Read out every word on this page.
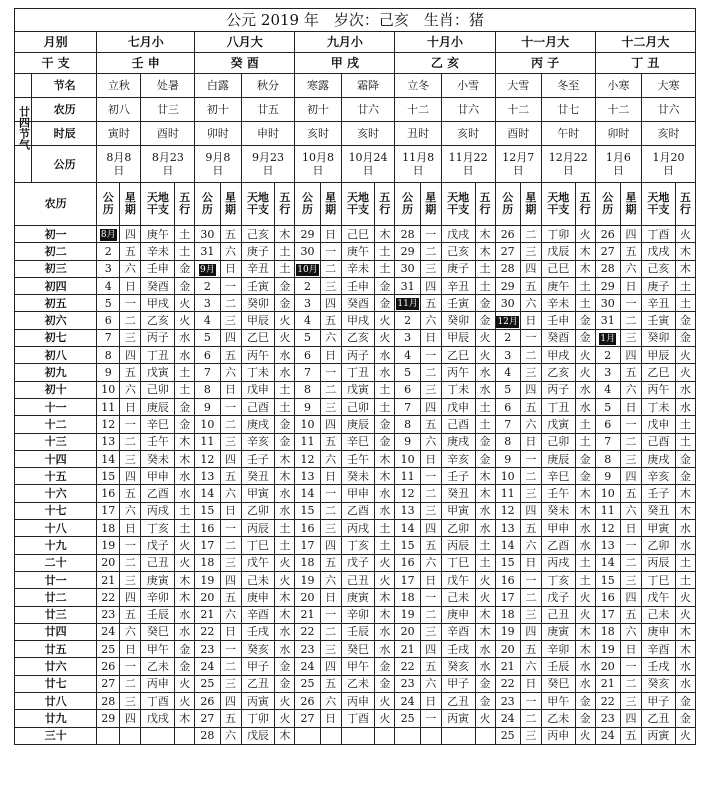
公元 2019 年　岁次：己亥　生肖：猪
月别	七月小				八月大				九月小				十月小				十一月大				十二月大			
干 支	壬 申				癸 酉				甲 戌				乙 亥				丙 子				丁 丑			
节名	立秋		处暑		白露		秋分		寒露		霜降		立冬		小雪		大雪		冬至		小寒		大寒	
农历	初八		廿三		初十		廿五		初十		廿六		十二		廿六		十二		廿七		十二		廿六	
时辰	寅时		酉时		卯时		申时		亥时		亥时		丑时		亥时		酉时		午时		卯时		亥时	
公历	8月8日		8月23日		9月8日		9月23日		10月8日		10月24日		11月8日		11月22日		12月7日		12月22日		1月6日		1月20日	
农历	公历	星期	天地干支	五行	公历	星期	天地干支	五行	公历	星期	天地干支	五行	公历	星期	天地干支	五行	公历	星期	天地干支	五行	公历	星期	天地干支	五行
初一	8月	四	庚午	土	30	五	己亥	木	29	日	己巳	木	28	一	戊戌	木	26	二	丁卯	火	26	四	丁酉	火
初二	2	五	辛未	土	31	六	庚子	土	30	一	庚午	土	29	二	己亥	木	27	三	戊辰	木	27	五	戊戌	木
初三	3	六	壬申	金	9月	日	辛丑	土	10月	二	辛未	土	30	三	庚子	土	28	四	己巳	木	28	六	己亥	木
初四	4	日	癸酉	金	2	一	壬寅	金	2	三	壬申	金	31	四	辛丑	土	29	五	庚午	土	29	日	庚子	土
初五	5	一	甲戌	火	3	二	癸卯	金	3	四	癸酉	金	11月	五	壬寅	金	30	六	辛未	土	30	一	辛丑	土
初六	6	二	乙亥	火	4	三	甲辰	火	4	五	甲戌	火	2	六	癸卯	金	12月	日	壬申	金	31	二	壬寅	金
初七	7	三	丙子	水	5	四	乙巳	火	5	六	乙亥	火	3	日	甲辰	火	2	一	癸酉	金	1月	三	癸卯	金
初八	8	四	丁丑	水	6	五	丙午	水	6	日	丙子	水	4	一	乙巳	火	3	二	甲戌	火	2	四	甲辰	火
初九	9	五	戊寅	土	7	六	丁未	水	7	一	丁丑	水	5	二	丙午	水	4	三	乙亥	火	3	五	乙巳	火
初十	10	六	己卯	土	8	日	戊申	土	8	二	戊寅	土	6	三	丁未	水	5	四	丙子	水	4	六	丙午	水
十一	11	日	庚辰	金	9	一	己酉	土	9	三	己卯	土	7	四	戊申	土	6	五	丁丑	水	5	日	丁未	水
十二	12	一	辛巳	金	10	二	庚戌	金	10	四	庚辰	金	8	五	己酉	土	7	六	戊寅	土	6	一	戊申	土
十三	13	二	壬午	木	11	三	辛亥	金	11	五	辛巳	金	9	六	庚戌	金	8	日	己卯	土	7	二	己酉	土
十四	14	三	癸未	木	12	四	壬子	木	12	六	壬午	木	10	日	辛亥	金	9	一	庚辰	金	8	三	庚戌	金
十五	15	四	甲申	水	13	五	癸丑	木	13	日	癸未	木	11	一	壬子	木	10	二	辛巳	金	9	四	辛亥	金
十六	16	五	乙酉	水	14	六	甲寅	水	14	一	甲申	水	12	二	癸丑	木	11	三	壬午	木	10	五	壬子	木
十七	17	六	丙戌	土	15	日	乙卯	水	15	二	乙酉	水	13	三	甲寅	水	12	四	癸未	木	11	六	癸丑	木
十八	18	日	丁亥	土	16	一	丙辰	土	16	三	丙戌	土	14	四	乙卯	水	13	五	甲申	水	12	日	甲寅	水
十九	19	一	戊子	火	17	二	丁巳	土	17	四	丁亥	土	15	五	丙辰	土	14	六	乙酉	水	13	一	乙卯	水
二十	20	二	己丑	火	18	三	戊午	火	18	五	戊子	火	16	六	丁巳	土	15	日	丙戌	土	14	二	丙辰	土
廿一	21	三	庚寅	木	19	四	己未	火	19	六	己丑	火	17	日	戊午	火	16	一	丁亥	土	15	三	丁巳	土
廿二	22	四	辛卯	木	20	五	庚申	木	20	日	庚寅	木	18	一	己未	火	17	二	戊子	火	16	四	戊午	火
廿三	23	五	壬辰	水	21	六	辛酉	木	21	一	辛卯	木	19	二	庚申	木	18	三	己丑	火	17	五	己未	火
廿四	24	六	癸巳	水	22	日	壬戌	水	22	二	壬辰	水	20	三	辛酉	木	19	四	庚寅	木	18	六	庚申	木
廿五	25	日	甲午	金	23	一	癸亥	水	23	三	癸巳	水	21	四	壬戌	水	20	五	辛卯	木	19	日	辛酉	木
廿六	26	一	乙未	金	24	二	甲子	金	24	四	甲午	金	22	五	癸亥	水	21	六	壬辰	水	20	一	壬戌	水
廿七	27	二	丙申	火	25	三	乙丑	金	25	五	乙未	金	23	六	甲子	金	22	日	癸巳	水	21	二	癸亥	水
廿八	28	三	丁酉	火	26	四	丙寅	火	26	六	丙申	火	24	日	乙丑	金	23	一	甲午	金	22	三	甲子	金
廿九	29	四	戊戌	木	27	五	丁卯	火	27	日	丁酉	火	25	一	丙寅	火	24	二	乙未	金	23	四	乙丑	金
三十					28	六	戊辰	木									25	三	丙申	火	24	五	丙寅	火
廿四节气
